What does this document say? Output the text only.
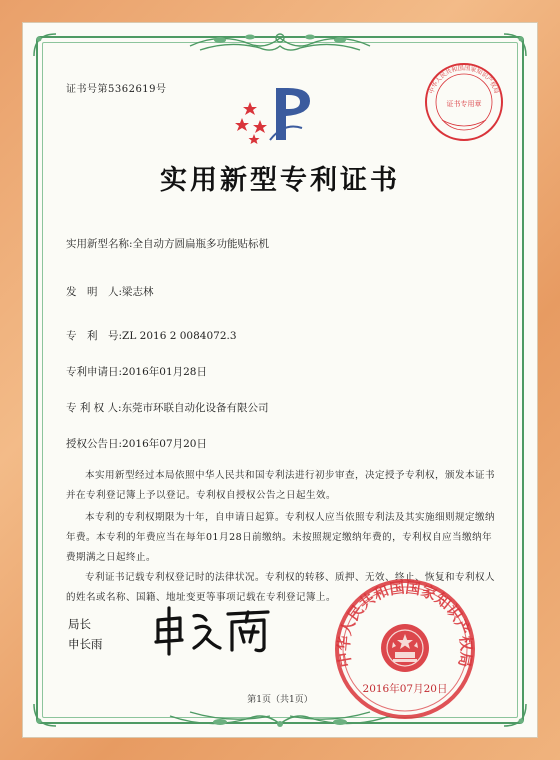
证书号第5362619号	中华人民共和国国家知识产权局
证书专用章
实用新型专利证书
实用新型名称:全自动方圆扁瓶多功能贴标机
发　明　人:梁志林
专　利　号:ZL 2016 2 0084072.3
专利申请日:2016年01月28日
专 利 权 人:东莞市环联自动化设备有限公司
授权公告日:2016年07月20日
本实用新型经过本局依照中华人民共和国专利法进行初步审查，决定授予专利权，颁发本证书并在专利登记簿上予以登记。专利权自授权公告之日起生效。
本专利的专利权期限为十年，自申请日起算。专利权人应当依照专利法及其实施细则规定缴纳年费。本专利的年费应当在每年01月28日前缴纳。未按照规定缴纳年费的，专利权自应当缴纳年费期满之日起终止。
专利证书记载专利权登记时的法律状况。专利权的转移、质押、无效、终止、恢复和专利权人的姓名或名称、国籍、地址变更等事项记载在专利登记簿上。
局长
申长雨
中华人民共和国国家知识产权局
2016年07月20日
第1页（共1页）
